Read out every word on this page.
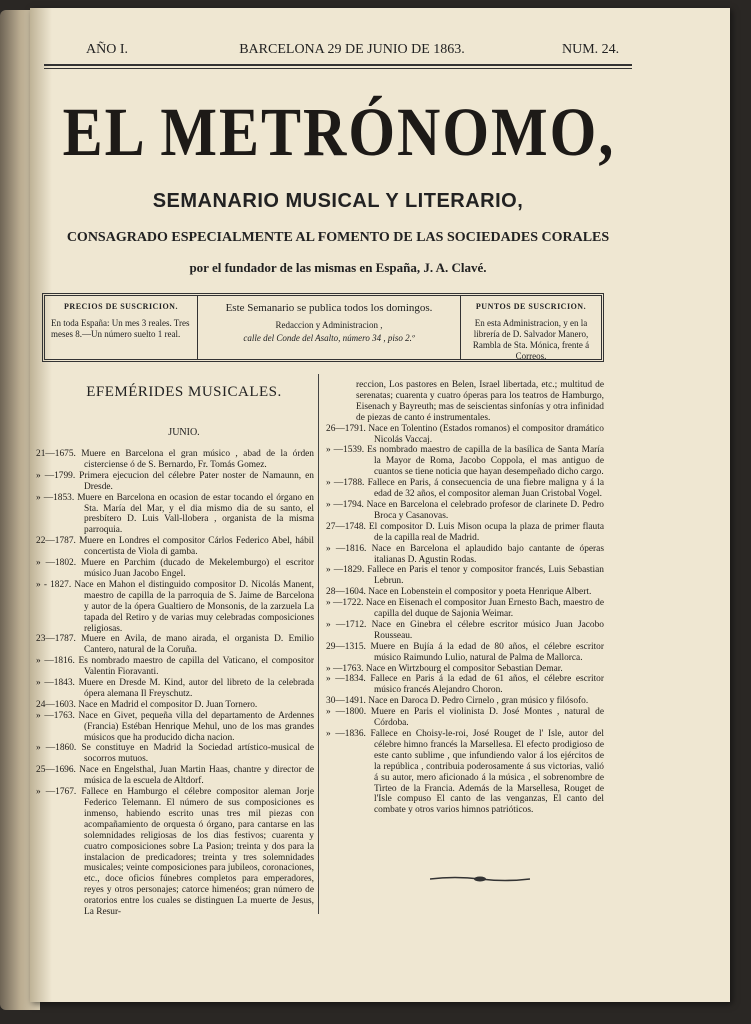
AÑO I.	BARCELONA 29 DE JUNIO DE 1863.	NUM. 24.
EL METRÓNOMO,
SEMANARIO MUSICAL Y LITERARIO,
CONSAGRADO ESPECIALMENTE AL FOMENTO DE LAS SOCIEDADES CORALES
por el fundador de las mismas en España, J. A. Clavé.
PRECIOS DE SUSCRICION.
En toda España: Un mes 3 reales. Tres meses 8.—Un número suelto 1 real.
Este Semanario se publica todos los domingos.
Redaccion y Administracion ,
calle del Conde del Asalto, número 34 , piso 2.º
PUNTOS DE SUSCRICION.
En esta Administracion, y en la librería de D. Salvador Manero, Rambla de Sta. Mónica, frente á Correos.
EFEMÉRIDES MUSICALES.
JUNIO.

21—1675. Muere en Barcelona el gran músico , abad de la órden cisterciense ó de S. Bernardo, Fr. Tomás Gomez.

» —1799. Primera ejecucion del célebre Pater noster de Namaunn, en Dresde.

» —1853. Muere en Barcelona en ocasion de estar tocando el órgano en Sta. María del Mar, y el dia mismo dia de su santo, el presbítero D. Luis Vall-llobera , organista de la misma parroquia.

22—1787. Muere en Londres el compositor Cárlos Federico Abel, hábil concertista de Viola di gamba.

» —1802. Muere en Parchim (ducado de Mekelemburgo) el escritor músico Juan Jacobo Engel.

» - 1827. Nace en Mahon el distinguido compositor D. Nicolás Manent, maestro de capilla de la parroquia de S. Jaime de Barcelona y autor de la ópera Gualtiero de Monsonis, de la zarzuela La tapada del Retiro y de varias muy celebradas composiciones religiosas.

23—1787. Muere en Avila, de mano airada, el organista D. Emilio Cantero, natural de la Coruña.

» —1816. Es nombrado maestro de capilla del Vaticano, el compositor Valentin Fioravanti.

» —1843. Muere en Dresde M. Kind, autor del libreto de la celebrada ópera alemana Il Freyschutz.

24—1603. Nace en Madrid el compositor D. Juan Tornero.

» —1763. Nace en Givet, pequeña villa del departamento de Ardennes (Francia) Estéban Henrique Mehul, uno de los mas grandes músicos que ha producido dicha nacion.

» —1860. Se constituye en Madrid la Sociedad artístico-musical de socorros mutuos.

25—1696. Nace en Engelsthal, Juan Martin Haas, chantre y director de música de la escuela de Altdorf.

» —1767. Fallece en Hamburgo el célebre compositor aleman Jorje Federico Telemann. El número de sus composiciones es inmenso, habiendo escrito unas tres mil piezas con acompañamiento de orquesta ó órgano, para cantarse en las solemnidades religiosas de los dias festivos; cuarenta y cuatro composiciones sobre La Pasion; treinta y dos para la instalacion de predicadores; treinta y tres solemnidades musicales; veinte composiciones para jubileos, coronaciones, etc., doce oficios fúnebres completos para emperadores, reyes y otros personajes; catorce himenéos; gran número de oratorios entre los cuales se distinguen La muerte de Jesus, La Resur-

reccion, Los pastores en Belen, Israel libertada, etc.; multitud de serenatas; cuarenta y cuatro óperas para los teatros de Hamburgo, Eisenach y Bayreuth; mas de seiscientas sinfonías y otra infinidad de piezas de canto é instrumentales.

26—1791. Nace en Tolentino (Estados romanos) el compositor dramático Nicolás Vaccaj.

» —1539. Es nombrado maestro de capilla de la basílica de Santa María la Mayor de Roma, Jacobo Coppola, el mas antiguo de cuantos se tiene noticia que hayan desempeñado dicho cargo.

» —1788. Fallece en Paris, á consecuencia de una fiebre maligna y á la edad de 32 años, el compositor aleman Juan Cristobal Vogel.

» —1794. Nace en Barcelona el celebrado profesor de clarinete D. Pedro Broca y Casanovas.

27—1748. El compositor D. Luis Mison ocupa la plaza de primer flauta de la capilla real de Madrid.

» —1816. Nace en Barcelona el aplaudido bajo cantante de óperas italianas D. Agustin Rodas.

» —1829. Fallece en Paris el tenor y compositor francés, Luis Sebastian Lebrun.

28—1604. Nace en Lobenstein el compositor y poeta Henrique Albert.

» —1722. Nace en Eisenach el compositor Juan Ernesto Bach, maestro de capilla del duque de Sajonia Weimar.

» —1712. Nace en Ginebra el célebre escritor músico Juan Jacobo Rousseau.

29—1315. Muere en Bujía á la edad de 80 años, el célebre escritor músico Raimundo Lulio, natural de Palma de Mallorca.

» —1763. Nace en Wirtzbourg el compositor Sebastian Demar.

» —1834. Fallece en Paris á la edad de 61 años, el célebre escritor músico francés Alejandro Choron.

30—1491. Nace en Daroca D. Pedro Cirnelo , gran músico y filósofo.

» —1800. Muere en Paris el violinista D. José Montes , natural de Córdoba.

» —1836. Fallece en Choisy-le-roi, José Rouget de l' Isle, autor del célebre himno francés la Marsellesa. El efecto prodigioso de este canto sublime , que infundiendo valor á los ejércitos de la república , contribuia poderosamente á sus victorias, valió á su autor, mero aficionado á la música , el sobrenombre de Tirteo de la Francia. Además de la Marsellesa, Rouget de l'Isle compuso El canto de las venganzas, El canto del combate y otros varios himnos patrióticos.
